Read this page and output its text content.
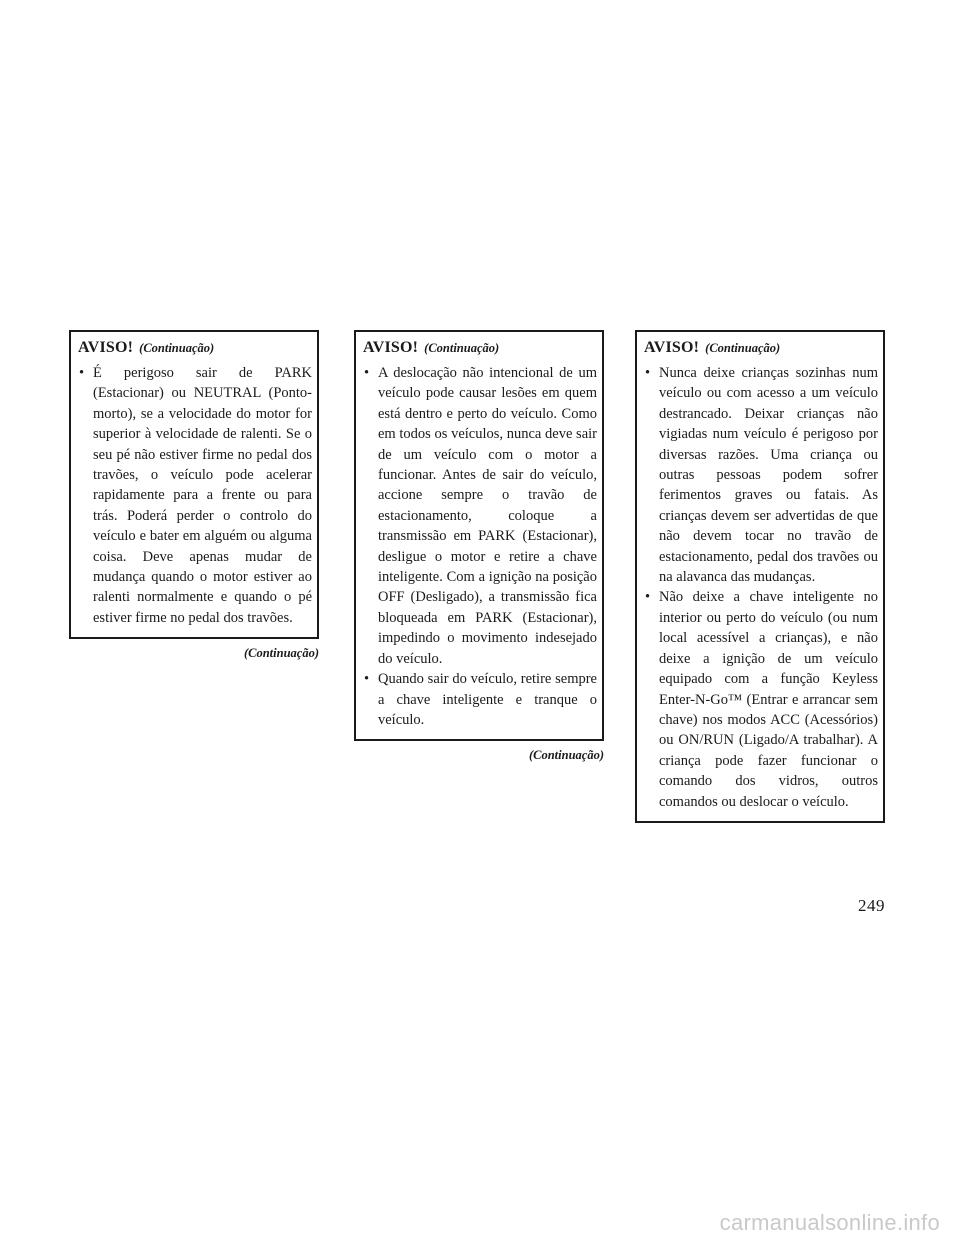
AVISO! (Continuação)
• É perigoso sair de PARK (Estacionar) ou NEUTRAL (Ponto-morto), se a velocidade do motor for superior à velocidade de ralenti. Se o seu pé não estiver firme no pedal dos travões, o veículo pode acelerar rapidamente para a frente ou para trás. Poderá perder o controlo do veículo e bater em alguém ou alguma coisa. Deve apenas mudar de mudança quando o motor estiver ao ralenti normalmente e quando o pé estiver firme no pedal dos travões.
(Continuação)
AVISO! (Continuação)
• A deslocação não intencional de um veículo pode causar lesões em quem está dentro e perto do veículo. Como em todos os veículos, nunca deve sair de um veículo com o motor a funcionar. Antes de sair do veículo, accione sempre o travão de estacionamento, coloque a transmissão em PARK (Estacionar), desligue o motor e retire a chave inteligente. Com a ignição na posição OFF (Desligado), a transmissão fica bloqueada em PARK (Estacionar), impedindo o movimento indesejado do veículo.
• Quando sair do veículo, retire sempre a chave inteligente e tranque o veículo.
(Continuação)
AVISO! (Continuação)
• Nunca deixe crianças sozinhas num veículo ou com acesso a um veículo destrancado. Deixar crianças não vigiadas num veículo é perigoso por diversas razões. Uma criança ou outras pessoas podem sofrer ferimentos graves ou fatais. As crianças devem ser advertidas de que não devem tocar no travão de estacionamento, pedal dos travões ou na alavanca das mudanças.
• Não deixe a chave inteligente no interior ou perto do veículo (ou num local acessível a crianças), e não deixe a ignição de um veículo equipado com a função Keyless Enter-N-Go™ (Entrar e arrancar sem chave) nos modos ACC (Acessórios) ou ON/RUN (Ligado/A trabalhar). A criança pode fazer funcionar o comando dos vidros, outros comandos ou deslocar o veículo.
249
carmanualsonline.info
